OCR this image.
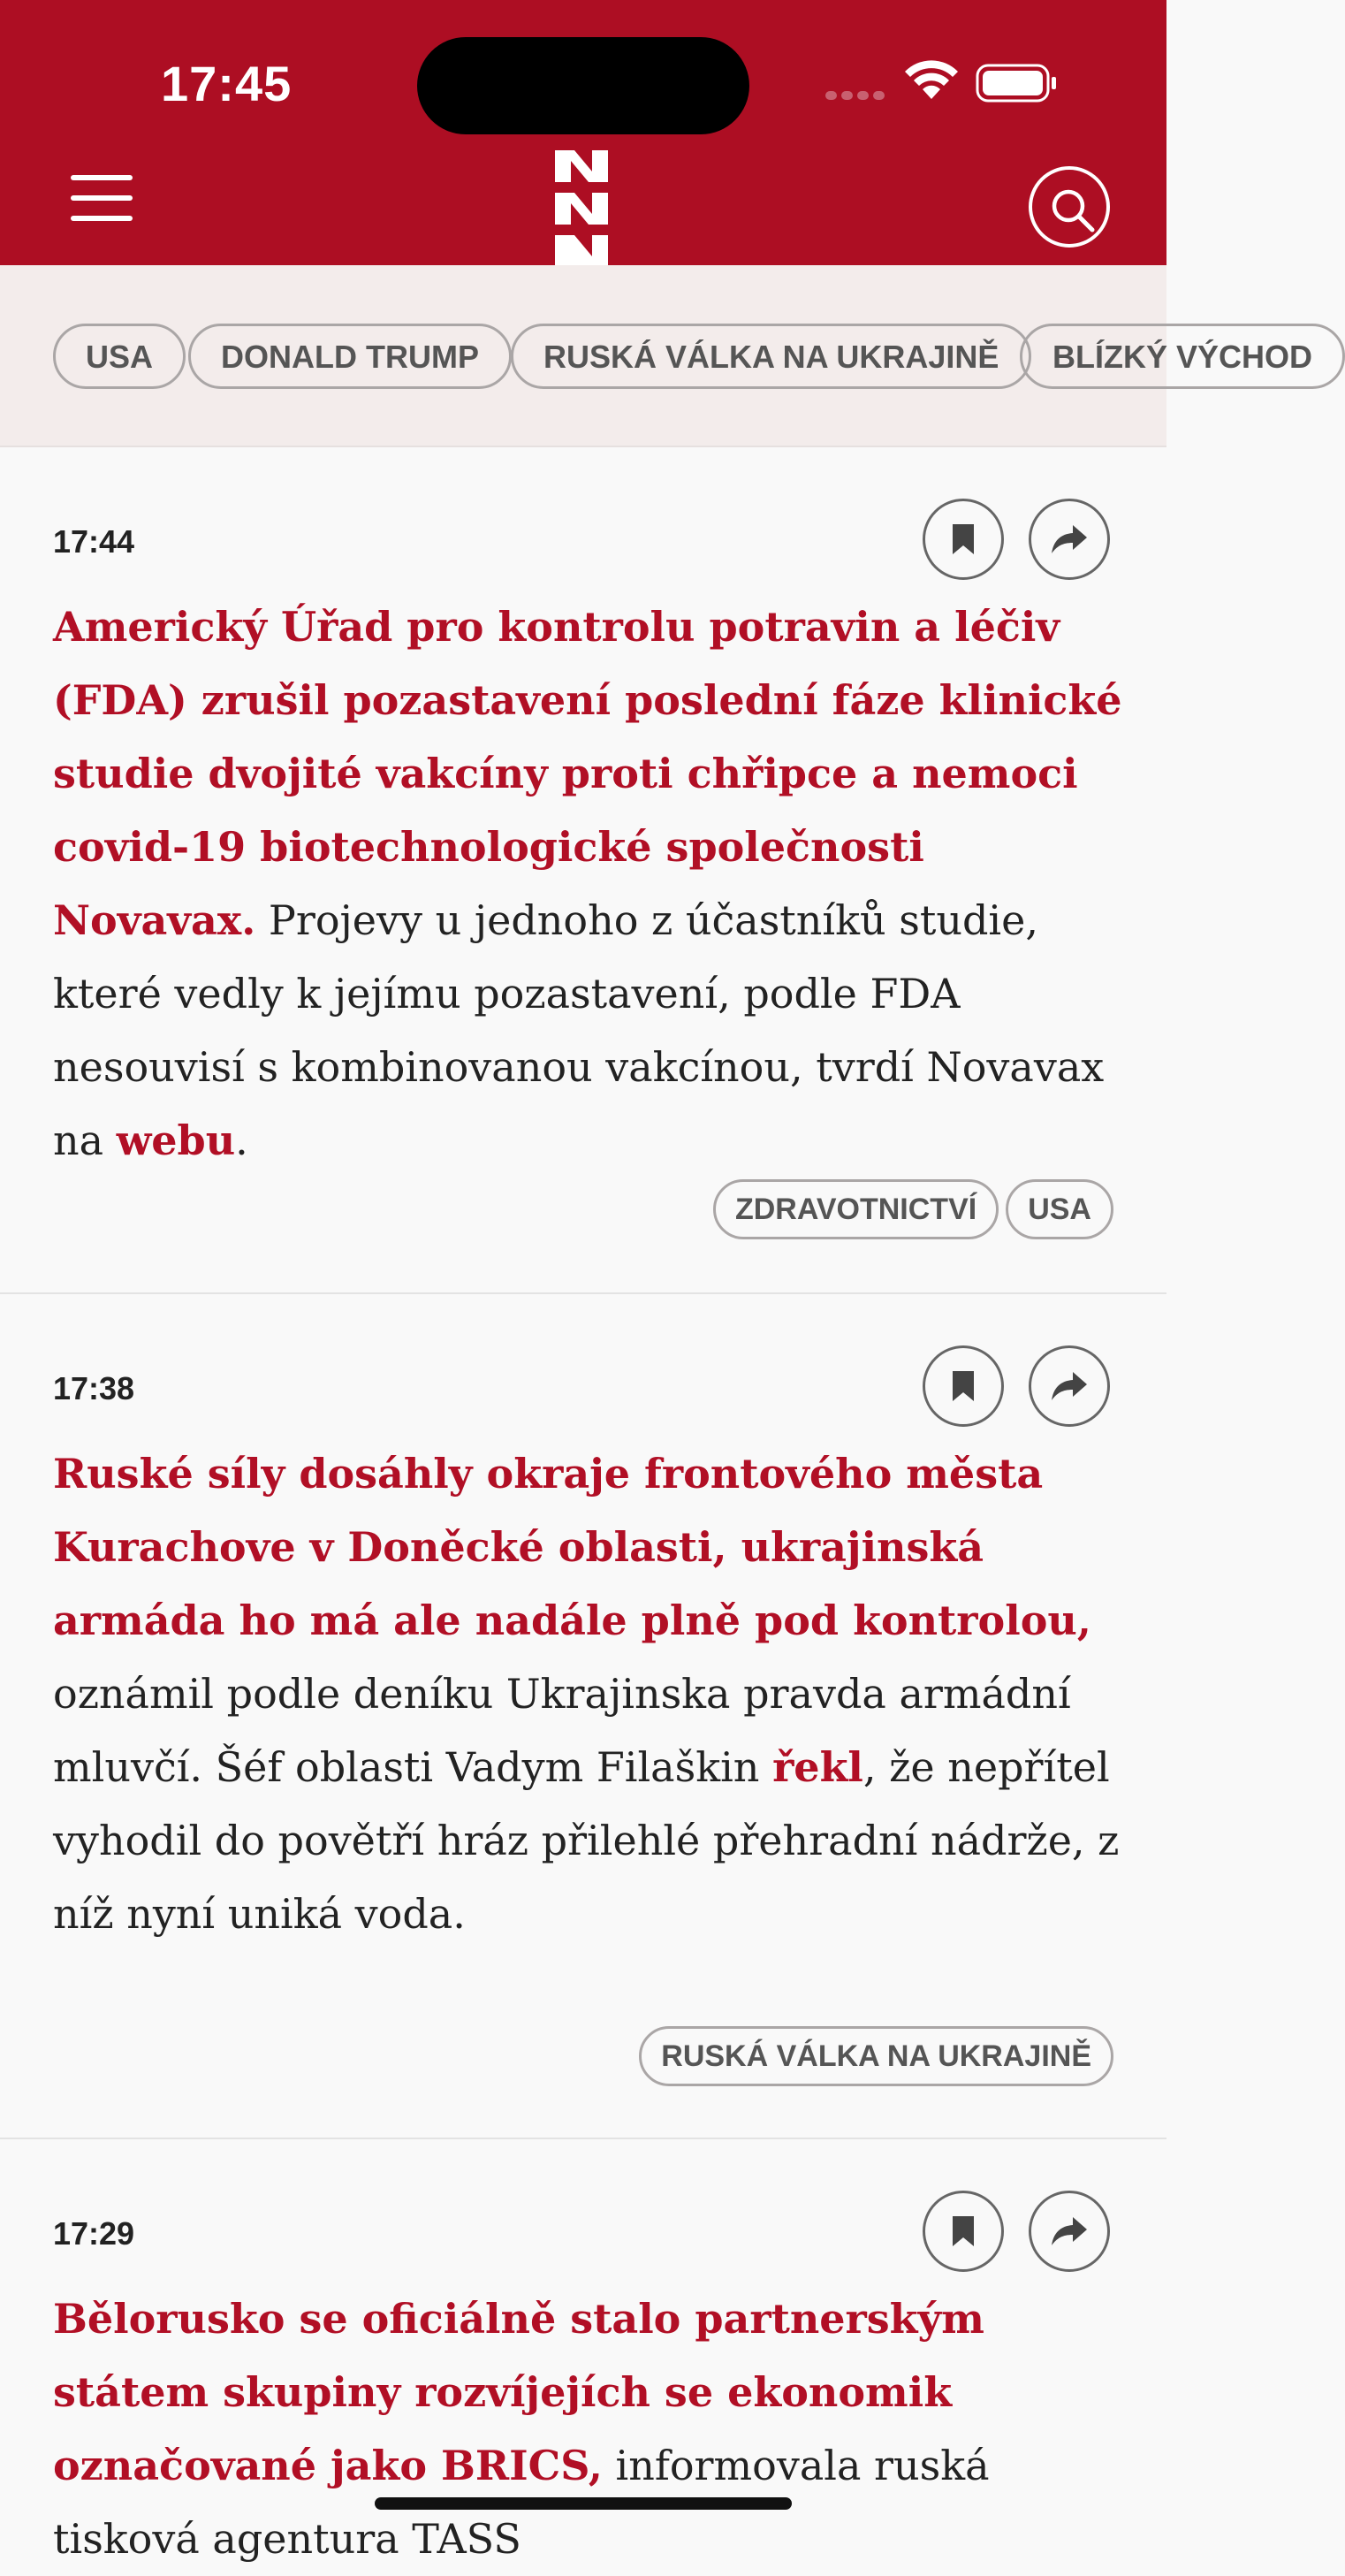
17:45
USA	DONALD TRUMP	RUSKÁ VÁLKA NA UKRAJINĚ	BLÍZKÝ VÝCHOD
17:44
Americký Úřad pro kontrolu potravin a léčiv (FDA) zrušil pozastavení poslední fáze klinické studie dvojité vakcíny proti chřipce a nemoci covid-19 biotechnologické společnosti Novavax. Projevy u jednoho z účastníků studie, které vedly k jejímu pozastavení, podle FDA nesouvisí s kombinovanou vakcínou, tvrdí Novavax na webu.
ZDRAVOTNICTVÍ	USA
17:38
Ruské síly dosáhly okraje frontového města Kurachove v Doněcké oblasti, ukrajinská armáda ho má ale nadále plně pod kontrolou, oznámil podle deníku Ukrajinska pravda armádní mluvčí. Šéf oblasti Vadym Filaškin řekl, že nepřítel vyhodil do povětří hráz přilehlé přehradní nádrže, z níž nyní uniká voda.
RUSKÁ VÁLKA NA UKRAJINĚ
17:29
Bělorusko se oficiálně stalo partnerským státem skupiny rozvíjejích se ekonomik označované jako BRICS, informovala ruská tisková agentura TASS
